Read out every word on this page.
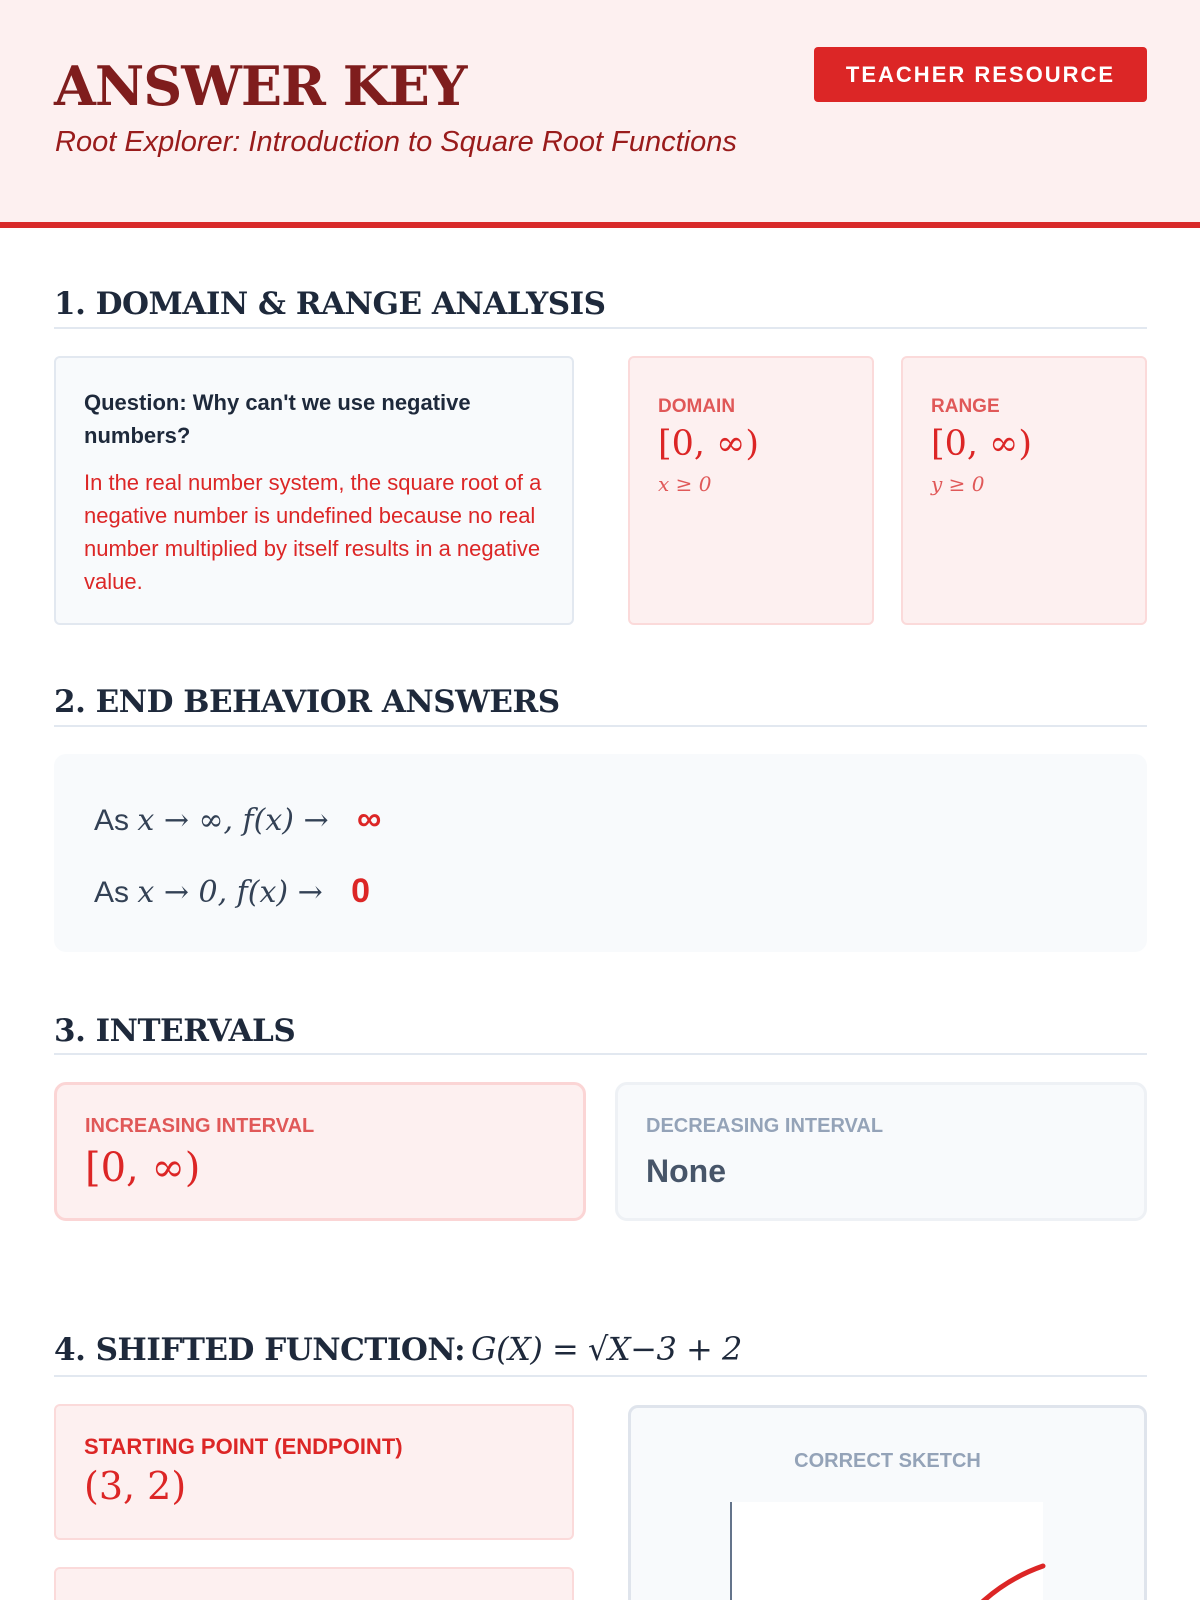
ANSWER KEY
Root Explorer: Introduction to Square Root Functions
TEACHER RESOURCE
1. DOMAIN & RANGE ANALYSIS
Question: Why can't we use negative numbers?
In the real number system, the square root of a negative number is undefined because no real number multiplied by itself results in a negative value.
DOMAIN
[0, ∞)
x ≥ 0
RANGE
[0, ∞)
y ≥ 0
2. END BEHAVIOR ANSWERS
As x → ∞, f(x) → ∞
As x → 0, f(x) → 0
3. INTERVALS
INCREASING INTERVAL
[0, ∞)
DECREASING INTERVAL
None
4. SHIFTED FUNCTION: G(X) = √X−3 + 2
STARTING POINT (ENDPOINT)
(3, 2)
CORRECT SKETCH
